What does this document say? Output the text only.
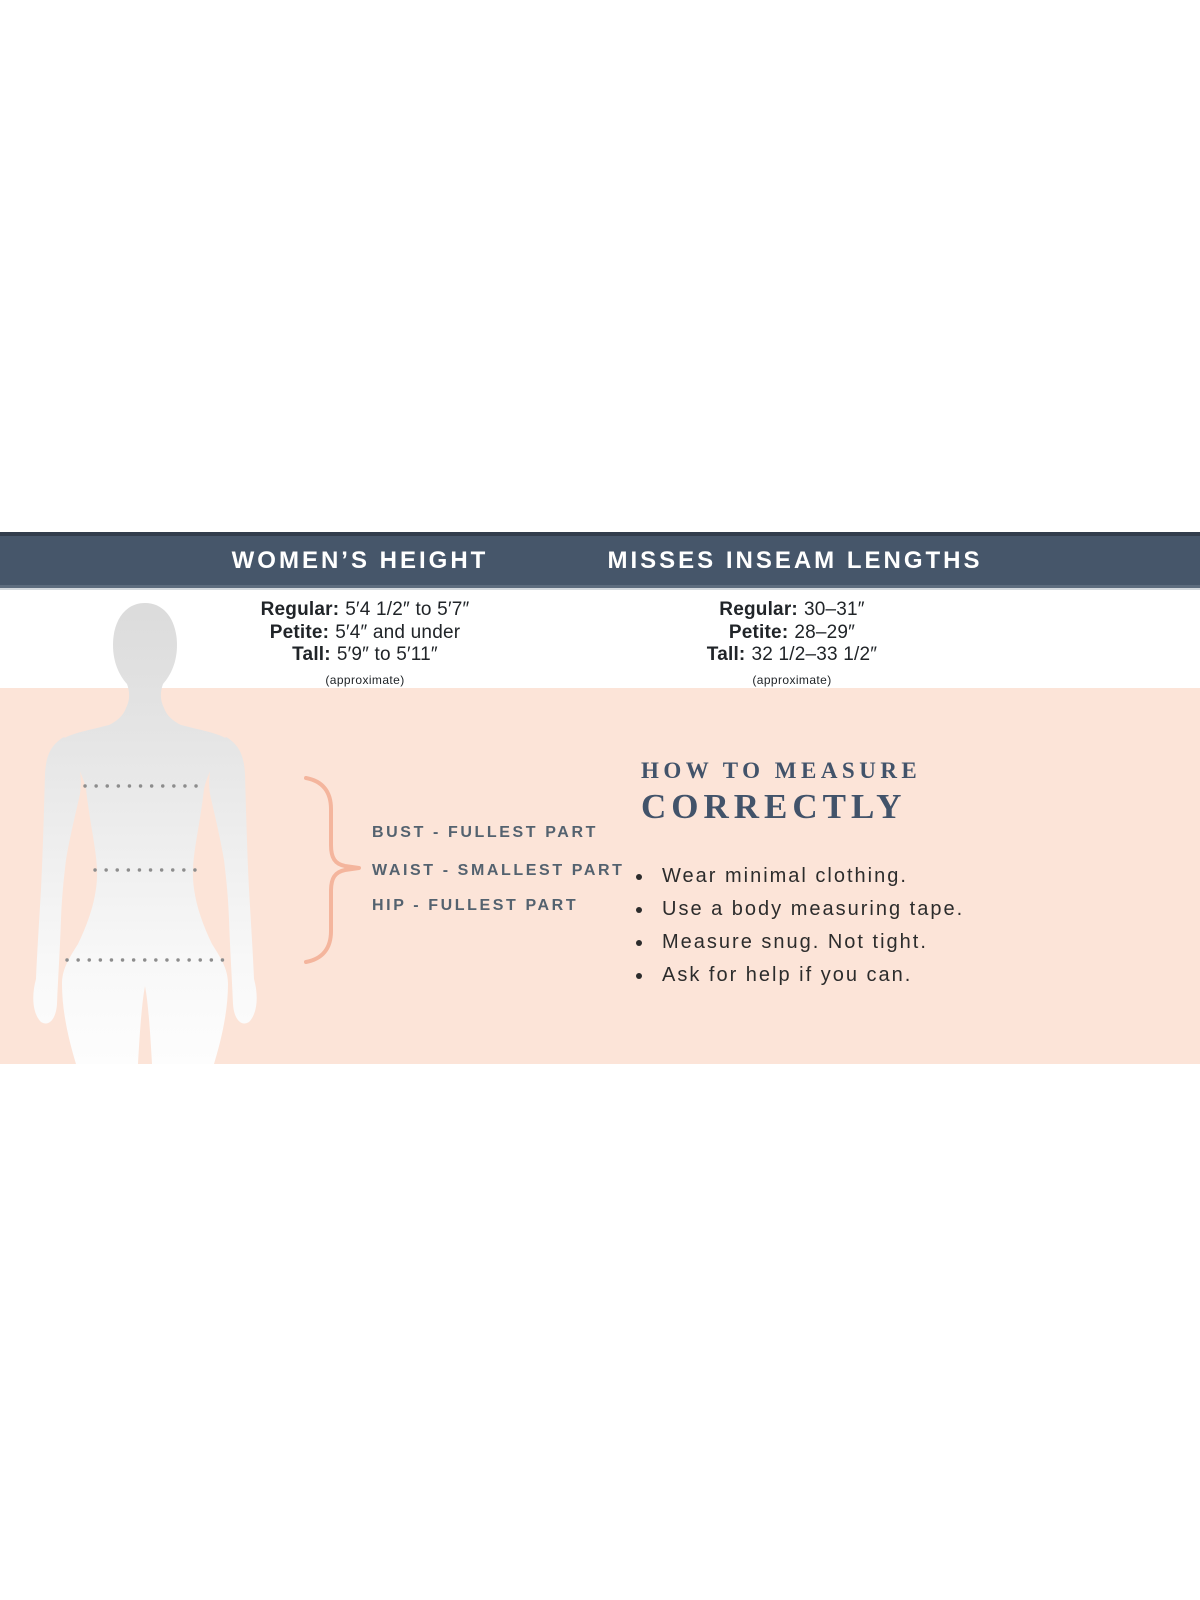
WOMEN’S HEIGHT	MISSES INSEAM LENGTHS
Regular: 5′4 1/2″ to 5′7″
Petite: 5′4″ and under
Tall: 5′9″ to 5′11″
(approximate)
Regular: 30–31″
Petite: 28–29″
Tall: 32 1/2–33 1/2″
(approximate)
BUST - FULLEST PART
WAIST - SMALLEST PART
HIP - FULLEST PART
HOW TO MEASURE
CORRECTLY
Wear minimal clothing.
Use a body measuring tape.
Measure snug. Not tight.
Ask for help if you can.
